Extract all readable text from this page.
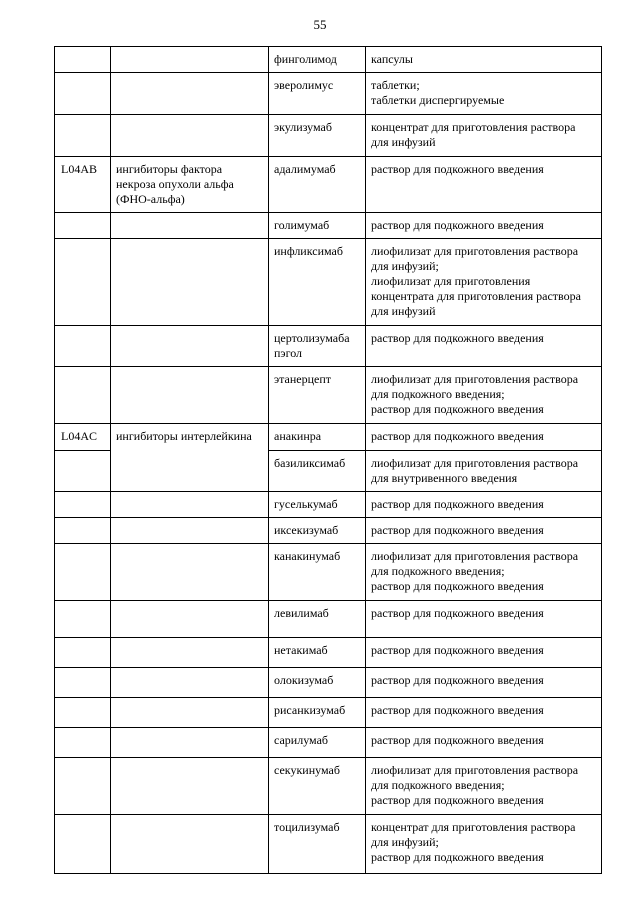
55
		финголимод	капсулы
		эверолимус	таблетки;
таблетки диспергируемые

		экулизумаб	концентрат для приготовления раствора
для инфузий

L04AB	ингибиторы фактора
некроза опухоли альфа
(ФНО-альфа)	адалимумаб	раствор для подкожного введения
		голимумаб	раствор для подкожного введения
		инфликсимаб	лиофилизат для приготовления раствора
для инфузий;
лиофилизат для приготовления
концентрата для приготовления раствора
для инфузий

		цертолизумаба
пэгол	раствор для подкожного введения
		этанерцепт	лиофилизат для приготовления раствора
для подкожного введения;
раствор для подкожного введения

L04AC	ингибиторы интерлейкина	анакинра	раствор для подкожного введения
		базиликсимаб	лиофилизат для приготовления раствора
для внутривенного введения

		гуселькумаб	раствор для подкожного введения
		иксекизумаб	раствор для подкожного введения
		канакинумаб	лиофилизат для приготовления раствора
для подкожного введения;
раствор для подкожного введения

		левилимаб	раствор для подкожного введения
		нетакимаб	раствор для подкожного введения
		олокизумаб	раствор для подкожного введения
		рисанкизумаб	раствор для подкожного введения
		сарилумаб	раствор для подкожного введения
		секукинумаб	лиофилизат для приготовления раствора
для подкожного введения;
раствор для подкожного введения

		тоцилизумаб	концентрат для приготовления раствора
для инфузий;
раствор для подкожного введения
